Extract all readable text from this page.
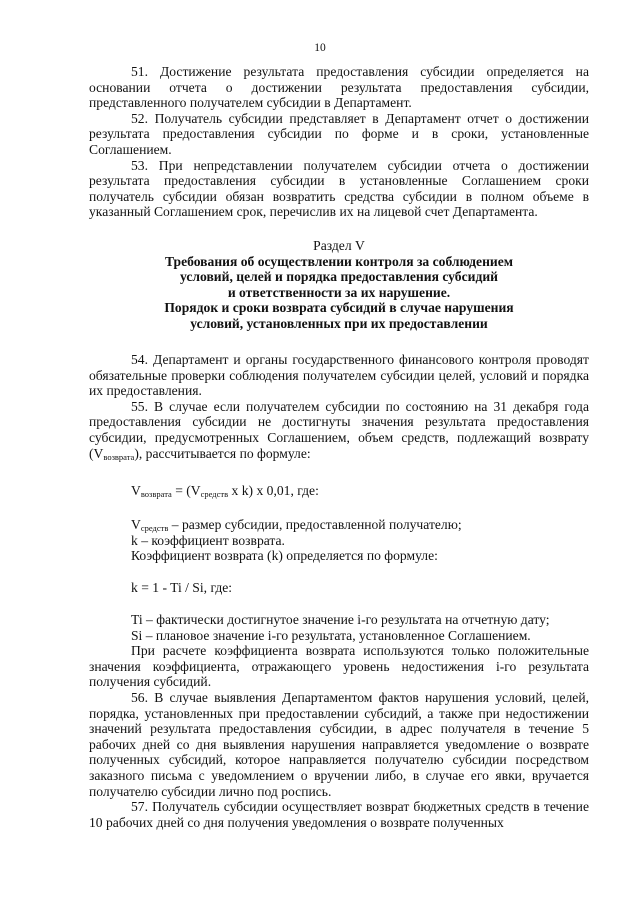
10

51. Достижение результата предоставления субсидии определяется на основании отчета о достижении результата предоставления субсидии, представленного получателем субсидии в Департамент.

52. Получатель субсидии представляет в Департамент отчет о достижении результата предоставления субсидии по форме и в сроки, установленные Соглашением.

53. При непредставлении получателем субсидии отчета о достижении результата предоставления субсидии в установленные Соглашением сроки получатель субсидии обязан возвратить средства субсидии в полном объеме в указанный Соглашением срок, перечислив их на лицевой счет Департамента.

Раздел V

Требования об осуществлении контроля за соблюдением

условий, целей и порядка предоставления субсидий

и ответственности за их нарушение.

Порядок и сроки возврата субсидий в случае нарушения

условий, установленных при их предоставлении

54. Департамент и органы государственного финансового контроля проводят обязательные проверки соблюдения получателем субсидии целей, условий и порядка их предоставления.

55. В случае если получателем субсидии по состоянию на 31 декабря года предоставления субсидии не достигнуты значения результата предоставления субсидии, предусмотренных Соглашением, объем средств, подлежащий возврату $(V_{возврата})$, рассчитывается по формуле:

$V_{возврата} = (V_{средств}$ x k) x 0,01, где:

$V_{средств}$ – размер субсидии, предоставленной получателю;

k – коэффициент возврата.

Коэффициент возврата (k) определяется по формуле:

k = 1 - Ti / Si, где:

Ti – фактически достигнутое значение i-го результата на отчетную дату;

Si – плановое значение i-го результата, установленное Соглашением.

При расчете коэффициента возврата используются только положительные значения коэффициента, отражающего уровень недостижения i-го результата получения субсидий.

56. В случае выявления Департаментом фактов нарушения условий, целей, порядка, установленных при предоставлении субсидий, а также при недостижении значений результата предоставления субсидии, в адрес получателя в течение 5 рабочих дней со дня выявления нарушения направляется уведомление о возврате полученных субсидий, которое направляется получателю субсидии посредством заказного письма с уведомлением о вручении либо, в случае его явки, вручается получателю субсидии лично под роспись.

57. Получатель субсидии осуществляет возврат бюджетных средств в течение 10 рабочих дней со дня получения уведомления о возврате полученных
